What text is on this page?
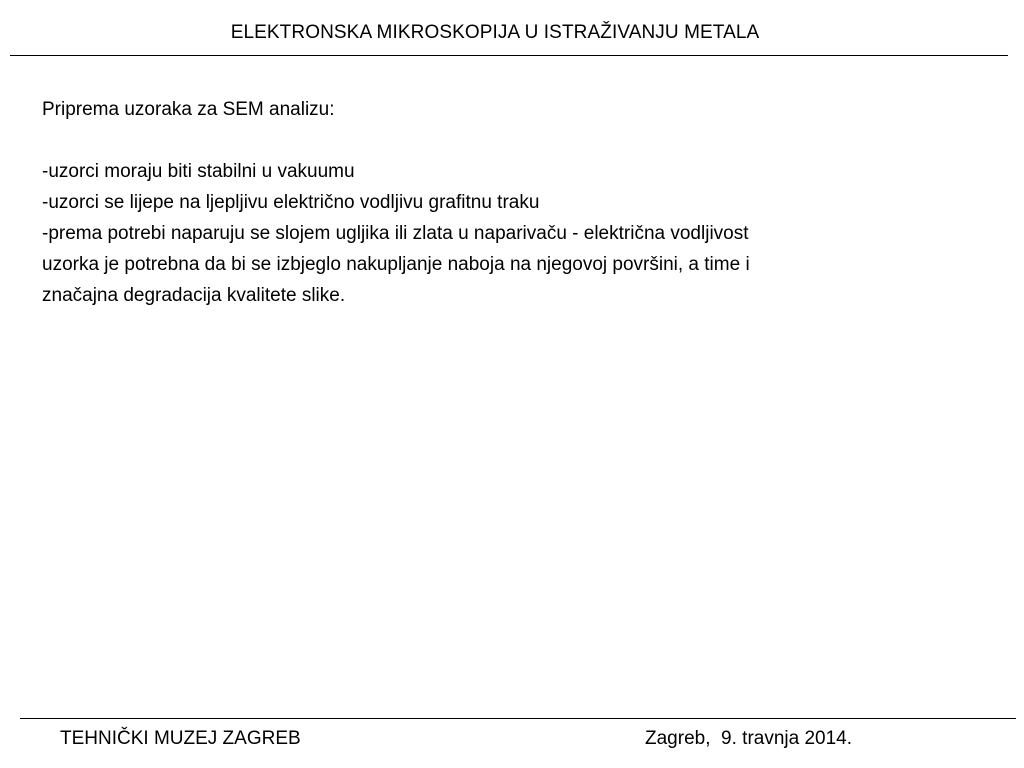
ELEKTRONSKA MIKROSKOPIJA U ISTRAŽIVANJU METALA

Priprema uzoraka za SEM analizu:

-uzorci moraju biti stabilni u vakuumu

-uzorci se lijepe na ljepljivu električno vodljivu grafitnu traku

-prema potrebi naparuju se slojem ugljika ili zlata u naparivaču - električna vodljivost

uzorka je potrebna da bi se izbjeglo nakupljanje naboja na njegovoj površini, a time i

značajna degradacija kvalitete slike.

TEHNIČKI MUZEJ ZAGREB	Zagreb,  9. travnja 2014.
